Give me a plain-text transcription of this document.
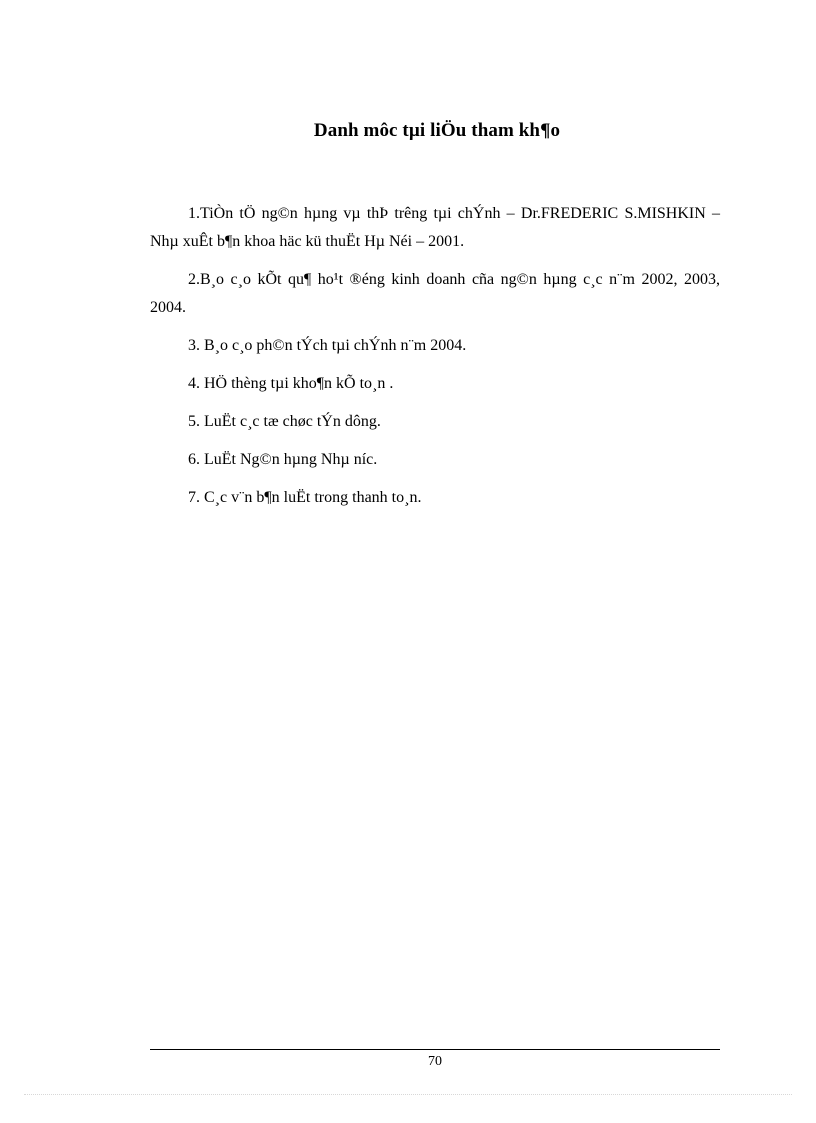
Danh môc tµi liÖu tham kh¶o

1.TiÒn tÖ ng©n hµng vµ thÞ trêng tµi chÝnh – Dr.FREDERIC S.MISHKIN – Nhµ xuÊt b¶n khoa häc kü thuËt Hµ Néi – 2001.

2.B¸o c¸o kÕt qu¶ ho¹t ®éng kinh doanh cña ng©n hµng c¸c n¨m 2002, 2003, 2004.

3. B¸o c¸o ph©n tÝch tµi chÝnh n¨m 2004.

4. HÖ thèng tµi kho¶n kÕ to¸n .

5. LuËt c¸c tæ chøc tÝn dông.

6. LuËt Ng©n hµng Nhµ níc.

7. C¸c v¨n b¶n luËt trong thanh to¸n.

70
